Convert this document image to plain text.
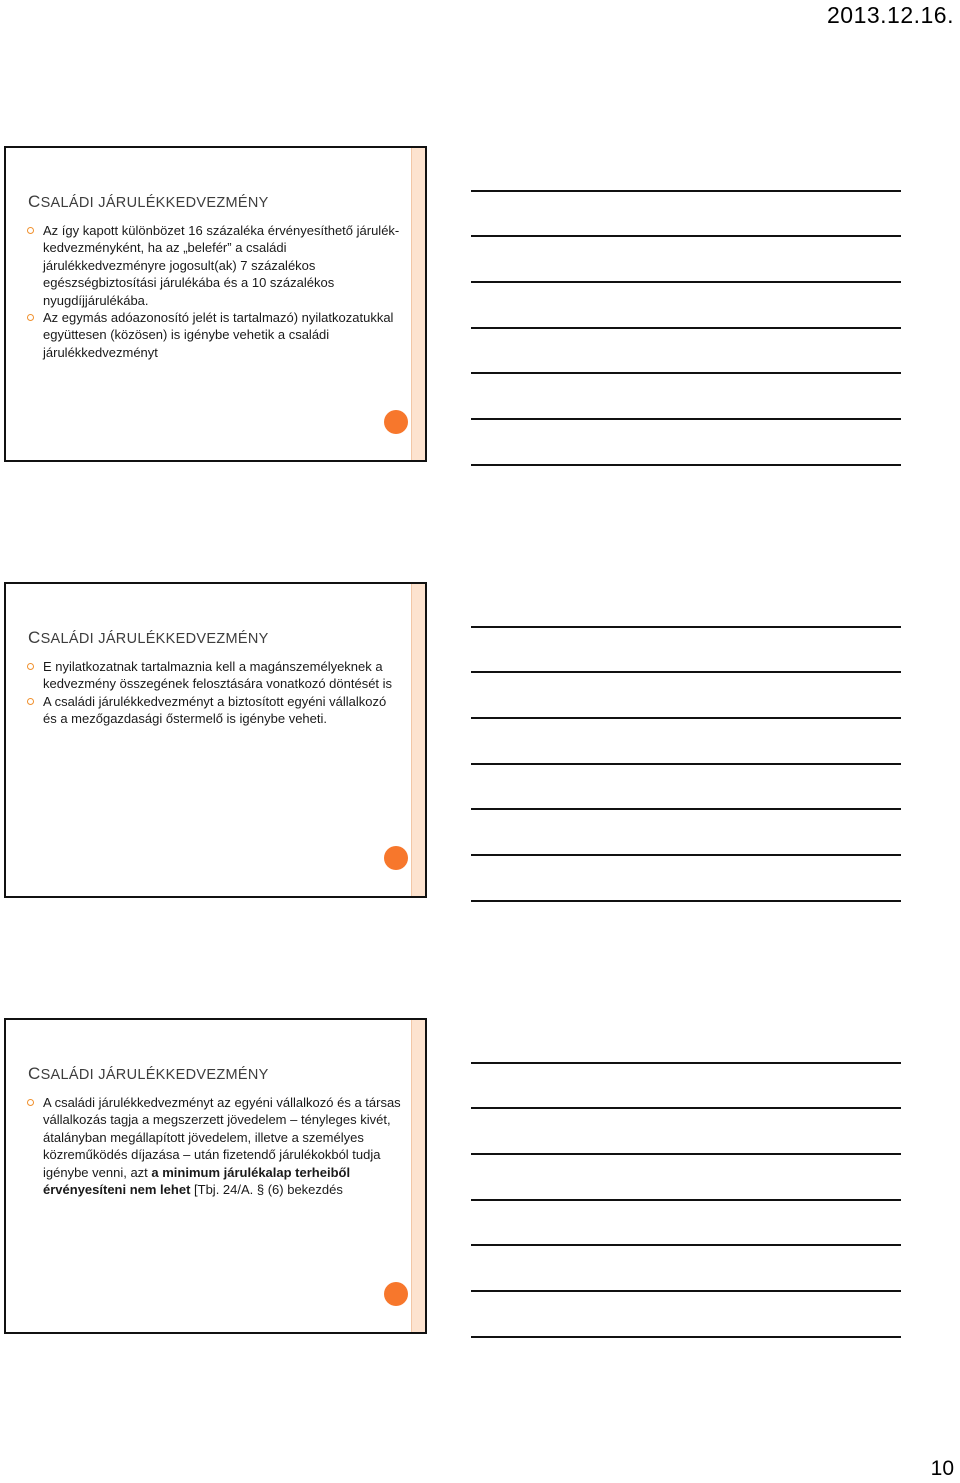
2013.12.16.
CSALÁDI JÁRULÉKKEDVEZMÉNY
Az így kapott különbözet 16 százaléka érvényesíthető járulék-kedvezményként, ha az „belefér” a családi járulékkedvezményre jogosult(ak) 7 százalékos egészségbiztosítási járulékába és a 10 százalékos nyugdíjjárulékába.
Az egymás adóazonosító jelét is tartalmazó) nyilatkozatukkal együttesen (közösen) is igénybe vehetik a családi járulékkedvezményt
CSALÁDI JÁRULÉKKEDVEZMÉNY
E nyilatkozatnak tartalmaznia kell a magánszemélyeknek a kedvezmény összegének felosztására vonatkozó döntését is
A családi járulékkedvezményt a biztosított egyéni vállalkozó és a mezőgazdasági őstermelő is igénybe veheti.
CSALÁDI JÁRULÉKKEDVEZMÉNY
A családi járulékkedvezményt az egyéni vállalkozó és a társas vállalkozás tagja a megszerzett jövedelem – tényleges kivét, átalányban megállapított jövedelem, illetve a személyes közreműködés díjazása – után fizetendő járulékokból tudja igénybe venni, azt a minimum járulékalap terheiből érvényesíteni nem lehet [Tbj. 24/A. § (6) bekezdés
10
